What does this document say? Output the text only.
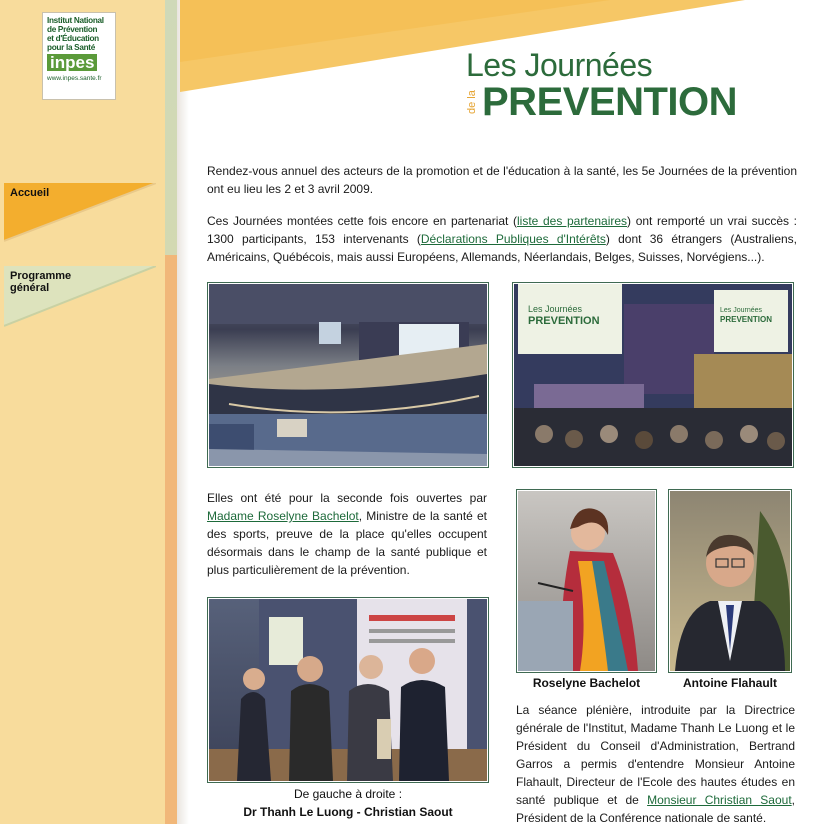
Institut National
de Prévention
et d'Éducation
pour la Santé
inpes
www.inpes.sante.fr
Accueil
Programme
général
Les Journées
de la PREVENTION

Rendez-vous annuel des acteurs de la promotion et de l'éducation à la santé, les 5e Journées de la prévention ont eu lieu les 2 et 3 avril 2009.

Ces Journées montées cette fois encore en partenariat (liste des partenaires) ont remporté un vrai succès : 1300 participants, 153 intervenants (Déclarations Publiques d'Intérêts) dont 36 étrangers (Australiens, Américains, Québécois, mais aussi Européens, Allemands, Néerlandais, Belges, Suisses, Norvégiens...).

Les Journées
PREVENTION
Les Journées
PREVENTION

Elles ont été pour la seconde fois ouvertes par Madame Roselyne Bachelot, Ministre de la santé et des sports, preuve de la place qu'elles occupent désormais dans le champ de la santé publique et plus particulièrement de la prévention.

Roselyne Bachelot	Antoine Flahault
De gauche à droite :
Dr Thanh Le Luong - Christian Saout

La séance plénière, introduite par la Directrice générale de l'Institut, Madame Thanh Le Luong et le Président du Conseil d'Administration, Bertrand Garros a permis d'entendre Monsieur Antoine Flahault, Directeur de l'Ecole des hautes études en santé publique et de Monsieur Christian Saout, Président de la Conférence nationale de santé.
